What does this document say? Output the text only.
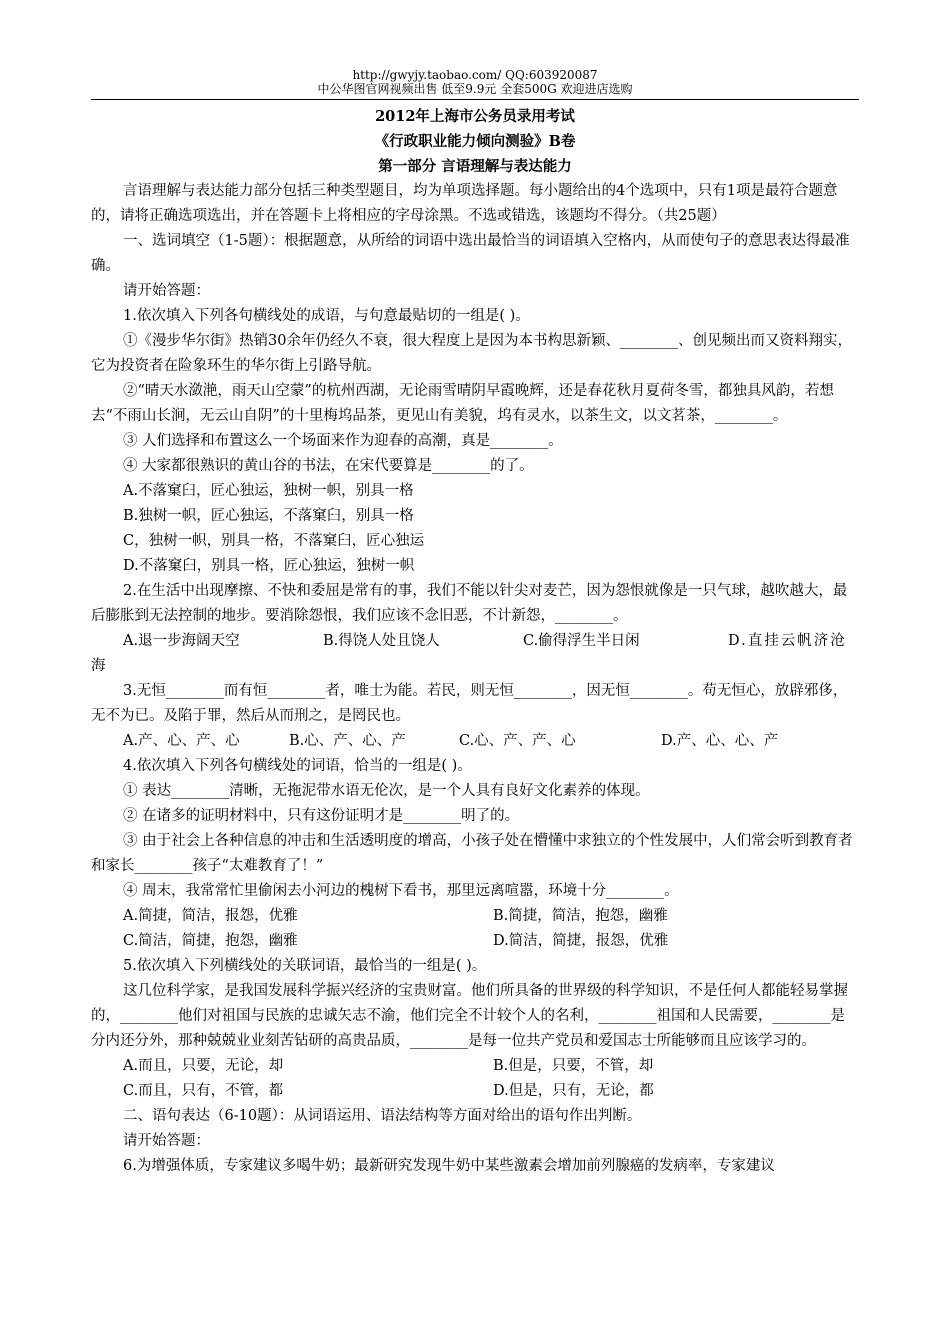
http://gwyjy.taobao.com/ QQ:603920087
中公华图官网视频出售 低至9.9元 全套500G 欢迎进店选购

2012年上海市公务员录用考试

《行政职业能力倾向测验》B卷

第一部分 言语理解与表达能力

言语理解与表达能力部分包括三种类型题目，均为单项选择题。每小题给出的4个选项中，只有1项是最符合题意的，请将正确选项选出，并在答题卡上将相应的字母涂黑。不选或错选，该题均不得分。（共25题）

一、选词填空（1-5题）：根据题意，从所给的词语中选出最恰当的词语填入空格内，从而使句子的意思表达得最准确。

请开始答题：

1.依次填入下列各句横线处的成语，与句意最贴切的一组是( )。

①《漫步华尔街》热销30余年仍经久不衰，很大程度上是因为本书构思新颖、________、创见频出而又资料翔实，它为投资者在险象环生的华尔街上引路导航。

②“晴天水潋滟，雨天山空蒙”的杭州西湖，无论雨雪晴阴早霞晚辉，还是春花秋月夏荷冬雪，都独具风韵，若想去“不雨山长涧，无云山自阴”的十里梅坞品茶，更见山有美貌，坞有灵水，以茶生文，以文茗茶，________。

③ 人们选择和布置这么一个场面来作为迎春的高潮，真是________。

④ 大家都很熟识的黄山谷的书法，在宋代要算是________的了。

A.不落窠臼，匠心独运，独树一帜，别具一格

B.独树一帜，匠心独运，不落窠臼，别具一格

C，独树一帜，别具一格，不落窠臼，匠心独运

D.不落窠臼，别具一格，匠心独运，独树一帜

2.在生活中出现摩擦、不快和委屈是常有的事，我们不能以针尖对麦芒，因为怨恨就像是一只气球，越吹越大，最后膨胀到无法控制的地步。要消除怨恨，我们应该不念旧恶，不计新怨，________。

A.退一步海阔天空	B.得饶人处且饶人	C.偷得浮生半日闲	D.直挂云帆济沧

海

3.无恒________而有恒________者，唯士为能。若民，则无恒________，因无恒________。苟无恒心，放辟邪侈，无不为已。及陷于罪，然后从而刑之，是罔民也。

A.产、心、产、心	B.心、产、心、产	C.心、产、产、心	D.产、心、心、产

4.依次填入下列各句横线处的词语，恰当的一组是( )。

① 表达________清晰，无拖泥带水语无伦次，是一个人具有良好文化素养的体现。

② 在诸多的证明材料中，只有这份证明才是________明了的。

③ 由于社会上各种信息的冲击和生活透明度的增高，小孩子处在懵懂中求独立的个性发展中，人们常会听到教育者和家长________孩子“太难教育了！”

④ 周末，我常常忙里偷闲去小河边的槐树下看书，那里远离喧嚣，环境十分________。

A.简捷，简洁，报怨，优雅	B.简捷，简洁，抱怨，幽雅
C.简洁，简捷，抱怨，幽雅	D.简洁，简捷，报怨，优雅

5.依次填入下列横线处的关联词语，最恰当的一组是( )。

这几位科学家，是我国发展科学振兴经济的宝贵财富。他们所具备的世界级的科学知识，不是任何人都能轻易掌握的，________他们对祖国与民族的忠诚矢志不渝，他们完全不计较个人的名利，________祖国和人民需要，________是分内还分外，那种兢兢业业刻苦钻研的高贵品质，________是每一位共产党员和爱国志士所能够而且应该学习的。

A.而且，只要，无论，却	B.但是，只要，不管，却
C.而且，只有，不管，都	D.但是，只有，无论，都

二、语句表达（6-10题）：从词语运用、语法结构等方面对给出的语句作出判断。

请开始答题：

6.为增强体质，专家建议多喝牛奶；最新研究发现牛奶中某些激素会增加前列腺癌的发病率，专家建议
